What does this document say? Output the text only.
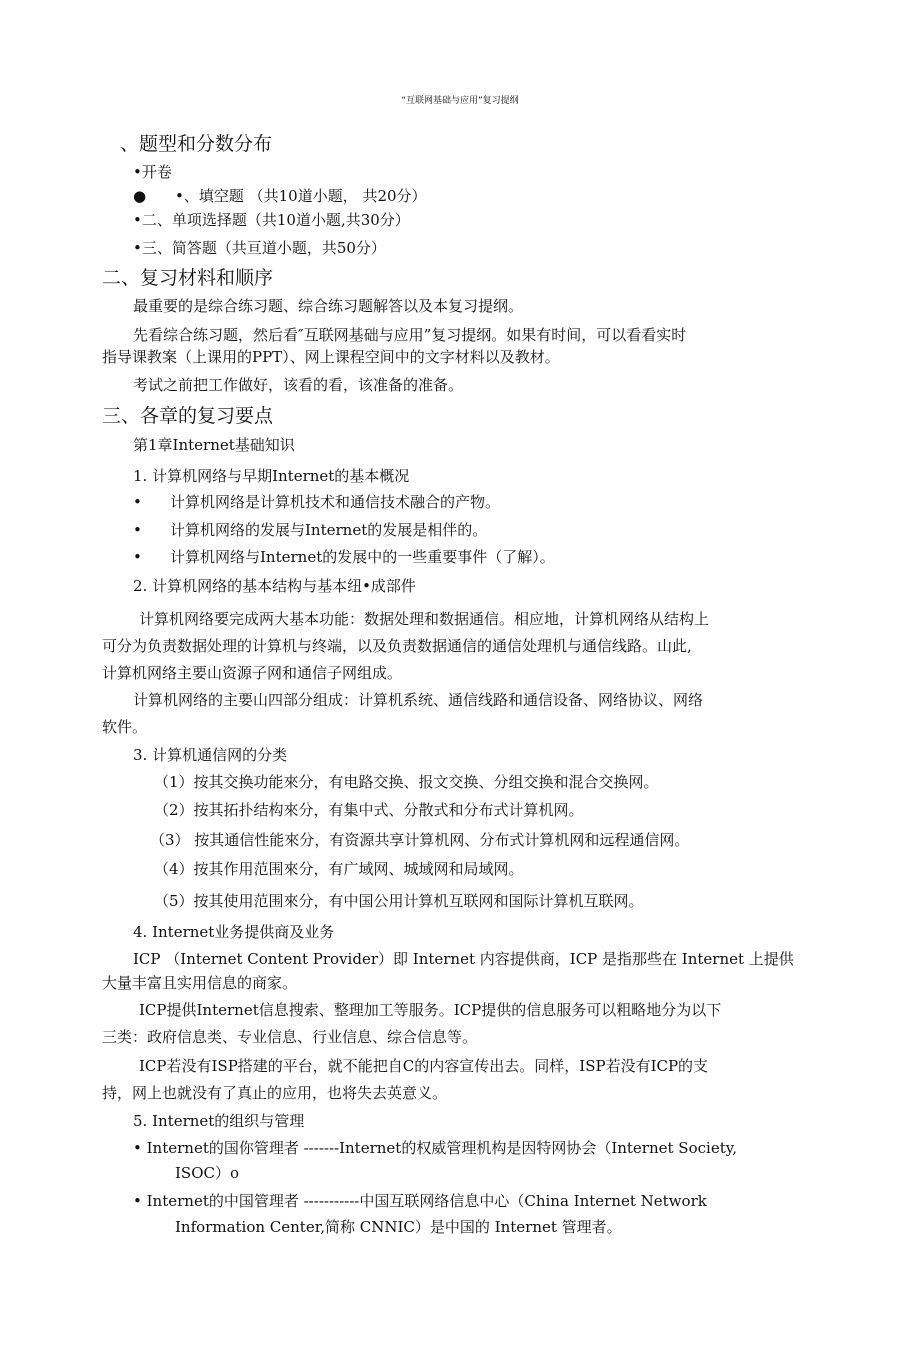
“互联网基础与应用”复习提纲
、题型和分数分布
•开卷
● •、填空题 （共10道小题， 共20分）
•二、单项选择题（共10道小题,共30分）
•三、简答题（共亘道小题，共50分）
二、复习材料和顺序
最重要的是综合练习题、综合练习题解答以及本复习提纲。
先看综合练习题，然后看″互联网基础与应用”复习提纲。如果有时间，可以看看实时
指导课教案（上课用的PPT）、网上课程空间中的文字材料以及教材。
考试之前把工作做好，该看的看，该准备的准备。
三、各章的复习要点
第1章Internet基础知识
1. 计算机网络与早期Internet的基本概况
• 计算机网络是计算机技术和通信技术融合的产物。
• 计算机网络的发展与Internet的发展是相伴的。
• 计算机网络与Internet的发展中的一些重要事件（了解）。
2. 计算机网络的基本结构与基本纽•成部件
计算机网络要完成两大基本功能：数据处理和数据通信。相应地，计算机网络从结构上
可分为负责数据处理的计算机与终端，以及负责数据通信的通信处理机与通信线路。山此,
计算机网络主要山资源子网和通信子网组成。
计算机网络的主要山四部分组成：计算机系统、通信线路和通信设备、网络协议、网络
软件。
3. 计算机通信网的分类
（1）按其交换功能來分，有电路交换、报文交换、分组交换和混合交换网。
（2）按其拓扑结构來分，有集中式、分散式和分布式计算机网。
（3） 按其通信性能來分，有资源共享计算机网、分布式计算机网和远程通信网。
（4）按其作用范围來分，有广域网、城域网和局域网。
（5）按其使用范围來分，有中国公用计算机互联网和国际计算机互联网。
4. Internet业务提供商及业务
ICP （Internet Content Provider）即 Internet 内容提供商，ICP 是指那些在 Internet 上提供
大量丰富且实用信息的商家。
ICP提供Internet信息搜索、整理加工等服务。ICP提供的信息服务可以粗略地分为以下
三类：政府信息类、专业信息、行业信息、综合信息等。
ICP若没有ISP搭建的平台，就不能把自C的内容宣传出去。同样，ISP若没有ICP的支
持，网上也就没有了真止的应用，也将失去英意义。
5. Internet的组织与管理
• Internet的国你管理者 -------Internet的权威管理机构是因特网协会（Internet Society,
ISOC）o
• Internet的中国管理者 -----------中国互联网络信息中心（China Internet Network
Information Center,简称 CNNIC）是中国的 Internet 管理者。
